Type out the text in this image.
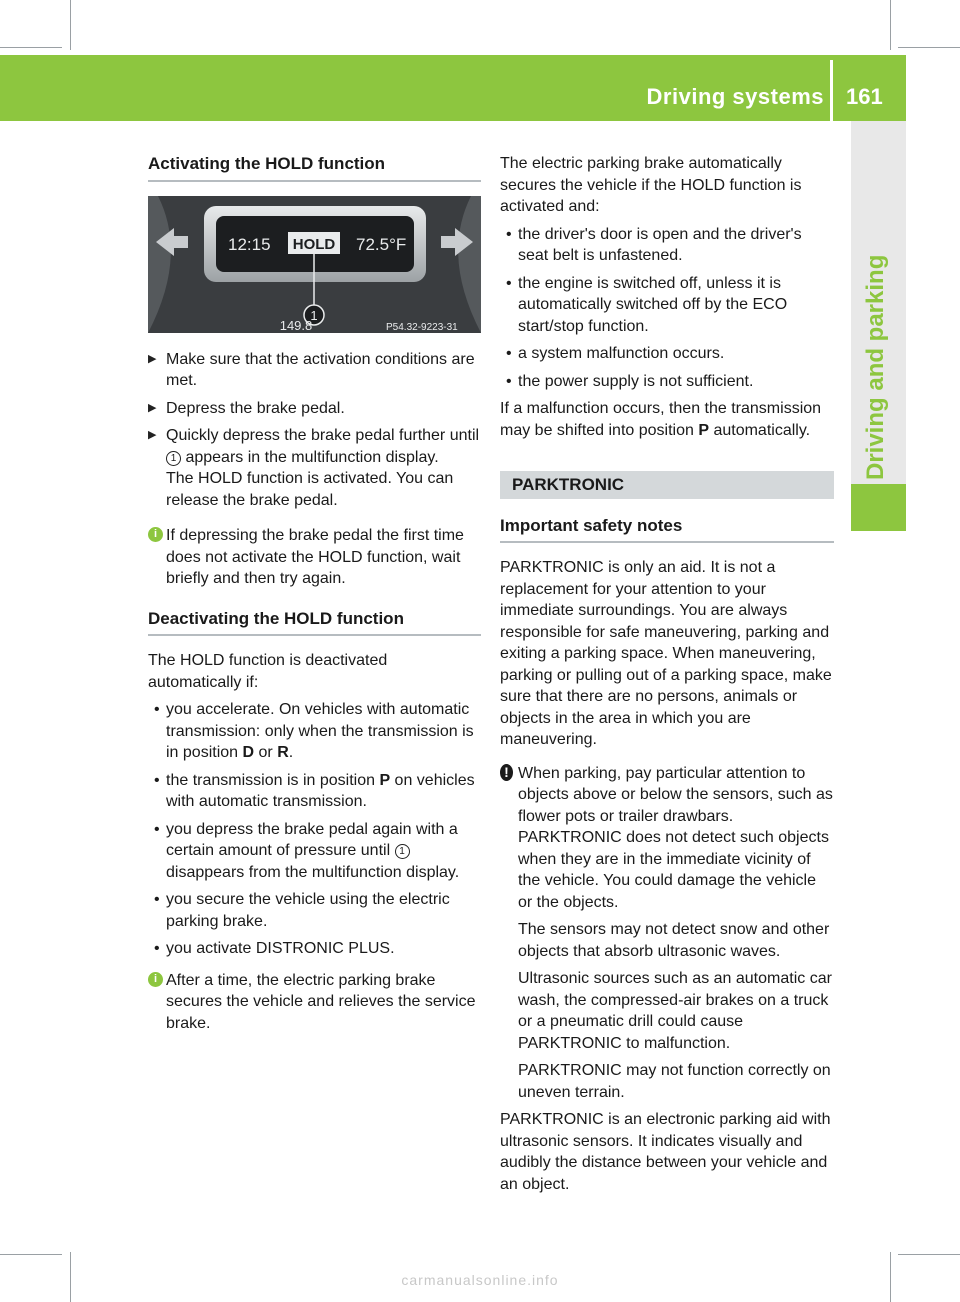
Driving systems 161
Driving and parking
Activating the HOLD function
12:15 HOLD 72.5°F
1
149.8	P54.32-9223-31
▶ Make sure that the activation conditions are met.
▶ Depress the brake pedal.
▶ Quickly depress the brake pedal further until 1 appears in the multifunction display.
The HOLD function is activated. You can release the brake pedal.
i If depressing the brake pedal the first time does not activate the HOLD function, wait briefly and then try again.
Deactivating the HOLD function

The HOLD function is deactivated automatically if:

• you accelerate. On vehicles with automatic transmission: only when the transmission is in position D or R.
• the transmission is in position P on vehicles with automatic transmission.
• you depress the brake pedal again with a certain amount of pressure until 1 disappears from the multifunction display.
• you secure the vehicle using the electric parking brake.
• you activate DISTRONIC PLUS.
i After a time, the electric parking brake secures the vehicle and relieves the service brake.

The electric parking brake automatically secures the vehicle if the HOLD function is activated and:

• the driver's door is open and the driver's seat belt is unfastened.
• the engine is switched off, unless it is automatically switched off by the ECO start/stop function.
• a system malfunction occurs.
• the power supply is not sufficient.

If a malfunction occurs, then the transmission may be shifted into position P automatically.

PARKTRONIC
Important safety notes

PARKTRONIC is only an aid. It is not a replacement for your attention to your immediate surroundings. You are always responsible for safe maneuvering, parking and exiting a parking space. When maneuvering, parking or pulling out of a parking space, make sure that there are no persons, animals or objects in the area in which you are maneuvering.

! When parking, pay particular attention to objects above or below the sensors, such as flower pots or trailer drawbars. PARKTRONIC does not detect such objects when they are in the immediate vicinity of the vehicle. You could damage the vehicle or the objects.

The sensors may not detect snow and other objects that absorb ultrasonic waves.

Ultrasonic sources such as an automatic car wash, the compressed-air brakes on a truck or a pneumatic drill could cause PARKTRONIC to malfunction.

PARKTRONIC may not function correctly on uneven terrain.

PARKTRONIC is an electronic parking aid with ultrasonic sensors. It indicates visually and audibly the distance between your vehicle and an object.

carmanualsonline.info
